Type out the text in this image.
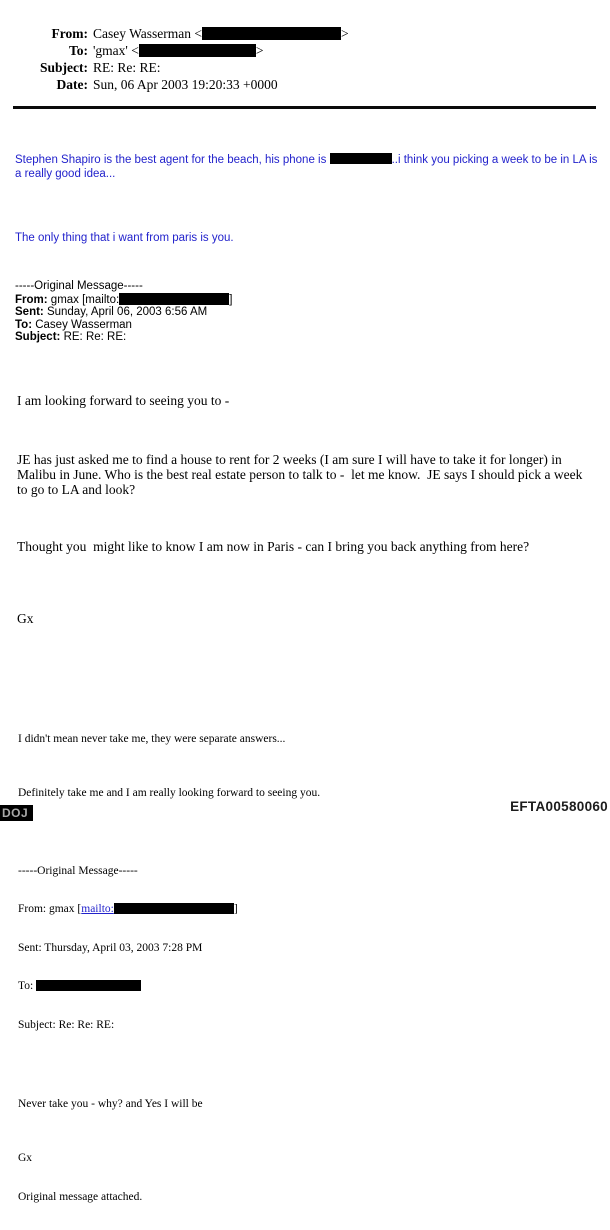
From: Casey Wasserman <	>
To: 'gmax' <	>
Subject: RE: Re: RE:
Date: Sun, 06 Apr 2003 19:20:33 +0000

Stephen Shapiro is the best agent for the beach, his phone is	..i think you picking a week to be in LA is a really good idea...

The only thing that i want from paris is you.

-----Original Message-----
From: gmax [mailto:	]
Sent: Sunday, April 06, 2003 6:56 AM
To: Casey Wasserman
Subject: RE: Re: RE:

I am looking forward to seeing you to -

JE has just asked me to find a house to rent for 2 weeks (I am sure I will have to take it for longer) in Malibu in June. Who is the best real estate person to talk to -  let me know.  JE says I should pick a week to go to LA and look?

Thought you  might like to know I am now in Paris - can I bring you back anything from here?

Gx

I didn't mean never take me, they were separate answers...

Definitely take me and I am really looking forward to seeing you.

-----Original Message-----

From: gmax [mailto:	]

Sent: Thursday, April 03, 2003 7:28 PM

To:

Subject: Re: Re: RE:

Never take you - why? and Yes I will be

Gx

Original message attached.

DOJ	EFTA00580060
